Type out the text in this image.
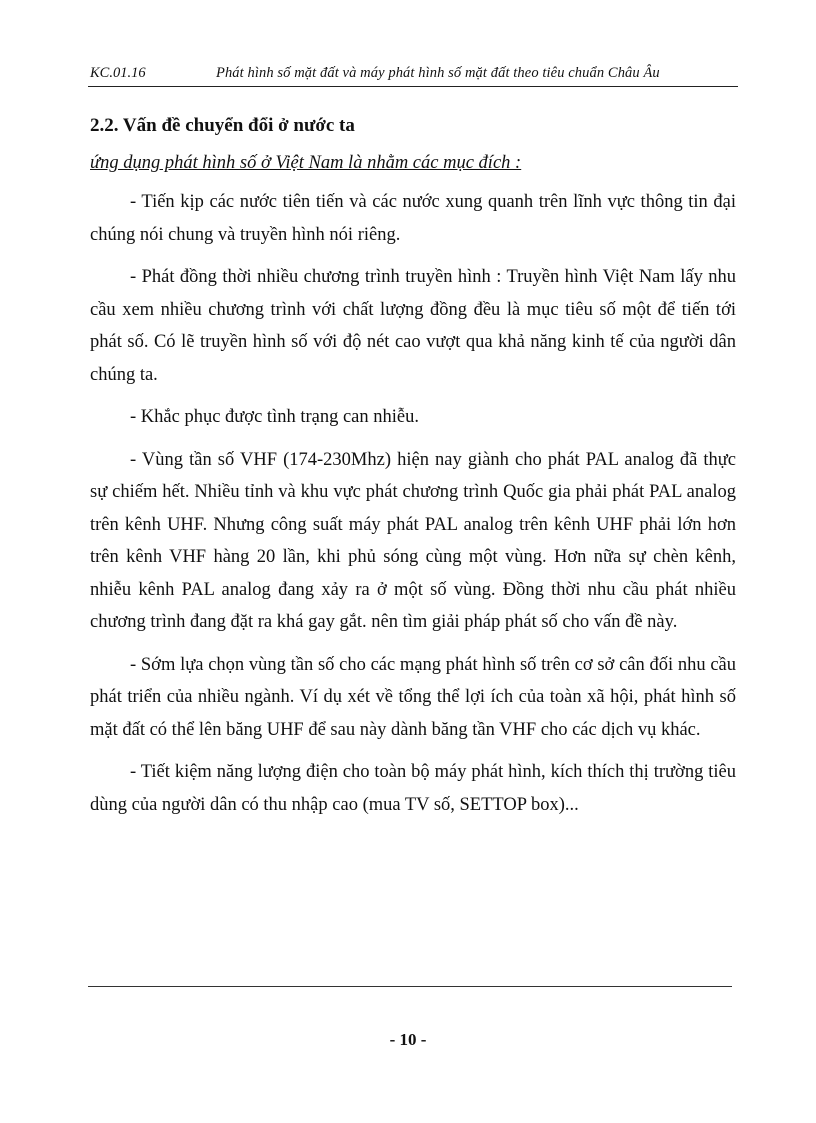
KC.01.16	Phát hình số mặt đất và máy phát hình số mặt đất theo tiêu chuẩn Châu Âu
2.2. Vấn đề chuyển đổi ở nước ta
ứng dụng phát hình số ở Việt Nam là nhằm các mục đích :

- Tiến kịp các nước tiên tiến và các nước xung quanh trên lĩnh vực thông tin đại chúng nói chung và truyền hình nói riêng.

- Phát đồng thời nhiều chương trình truyền hình : Truyền hình Việt Nam lấy nhu cầu xem nhiều chương trình với chất lượng đồng đều là mục tiêu số một để tiến tới phát số. Có lẽ truyền hình số với độ nét cao vượt qua khả năng kinh tế của người dân chúng ta.

- Khắc phục được tình trạng can nhiễu.

- Vùng tần số VHF (174-230Mhz) hiện nay giành cho phát PAL analog đã thực sự chiếm hết. Nhiều tỉnh và khu vực phát chương trình Quốc gia phải phát PAL analog trên kênh UHF. Nhưng công suất máy phát PAL analog trên kênh UHF phải lớn hơn trên kênh VHF hàng 20 lần, khi phủ sóng cùng một vùng. Hơn nữa sự chèn kênh, nhiễu kênh PAL analog đang xảy ra ở một số vùng. Đồng thời nhu cầu phát nhiều chương trình đang đặt ra khá gay gắt. nên tìm giải pháp phát số cho vấn đề này.

- Sớm lựa chọn vùng tần số cho các mạng phát hình số trên cơ sở cân đối nhu cầu phát triển của nhiều ngành. Ví dụ xét về tổng thể lợi ích của toàn xã hội, phát hình số mặt đất có thể lên băng UHF để sau này dành băng tần VHF cho các dịch vụ khác.

- Tiết kiệm năng lượng điện cho toàn bộ máy phát hình, kích thích thị trường tiêu dùng của người dân có thu nhập cao (mua TV số, SETTOP box)...

- 10 -
